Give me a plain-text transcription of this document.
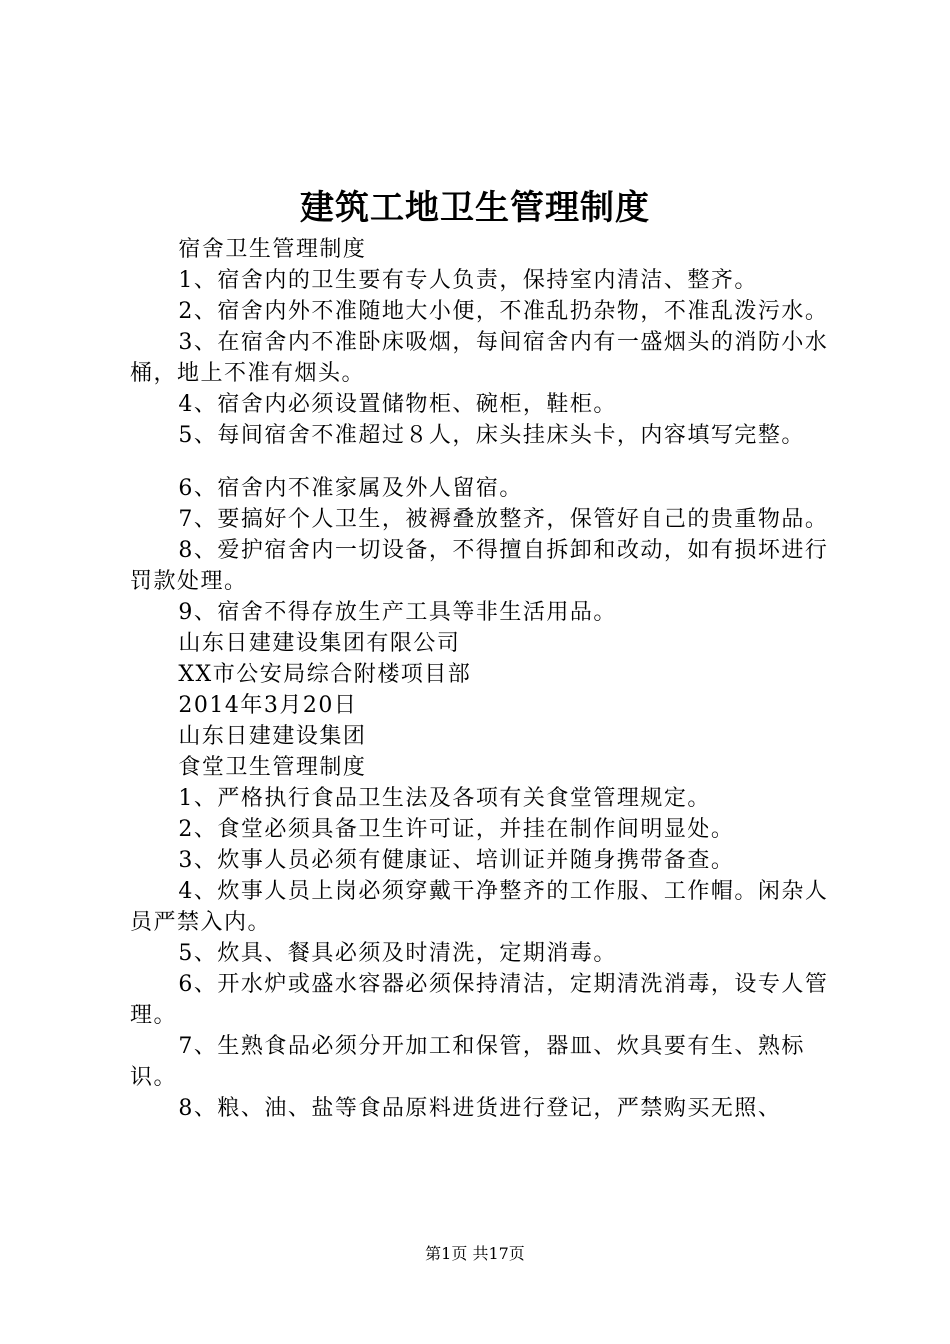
建筑工地卫生管理制度

宿舍卫生管理制度

1、宿舍内的卫生要有专人负责，保持室内清洁、整齐。

2、宿舍内外不准随地大小便，不准乱扔杂物，不准乱泼污水。

3、在宿舍内不准卧床吸烟，每间宿舍内有一盛烟头的消防小水桶，地上不准有烟头。

4、宿舍内必须设置储物柜、碗柜，鞋柜。

5、每间宿舍不准超过８人，床头挂床头卡，内容填写完整。

6、宿舍内不准家属及外人留宿。

7、要搞好个人卫生，被褥叠放整齐，保管好自己的贵重物品。

8、爱护宿舍内一切设备，不得擅自拆卸和改动，如有损坏进行罚款处理。

9、宿舍不得存放生产工具等非生活用品。

山东日建建设集团有限公司

XX市公安局综合附楼项目部

2014年3月20日

山东日建建设集团

食堂卫生管理制度

1、严格执行食品卫生法及各项有关食堂管理规定。

2、食堂必须具备卫生许可证，并挂在制作间明显处。

3、炊事人员必须有健康证、培训证并随身携带备查。

4、炊事人员上岗必须穿戴干净整齐的工作服、工作帽。闲杂人员严禁入内。

5、炊具、餐具必须及时清洗，定期消毒。

6、开水炉或盛水容器必须保持清洁，定期清洗消毒，设专人管理。

7、生熟食品必须分开加工和保管，器皿、炊具要有生、熟标识。

8、粮、油、盐等食品原料进货进行登记，严禁购买无照、

第1页 共17页
